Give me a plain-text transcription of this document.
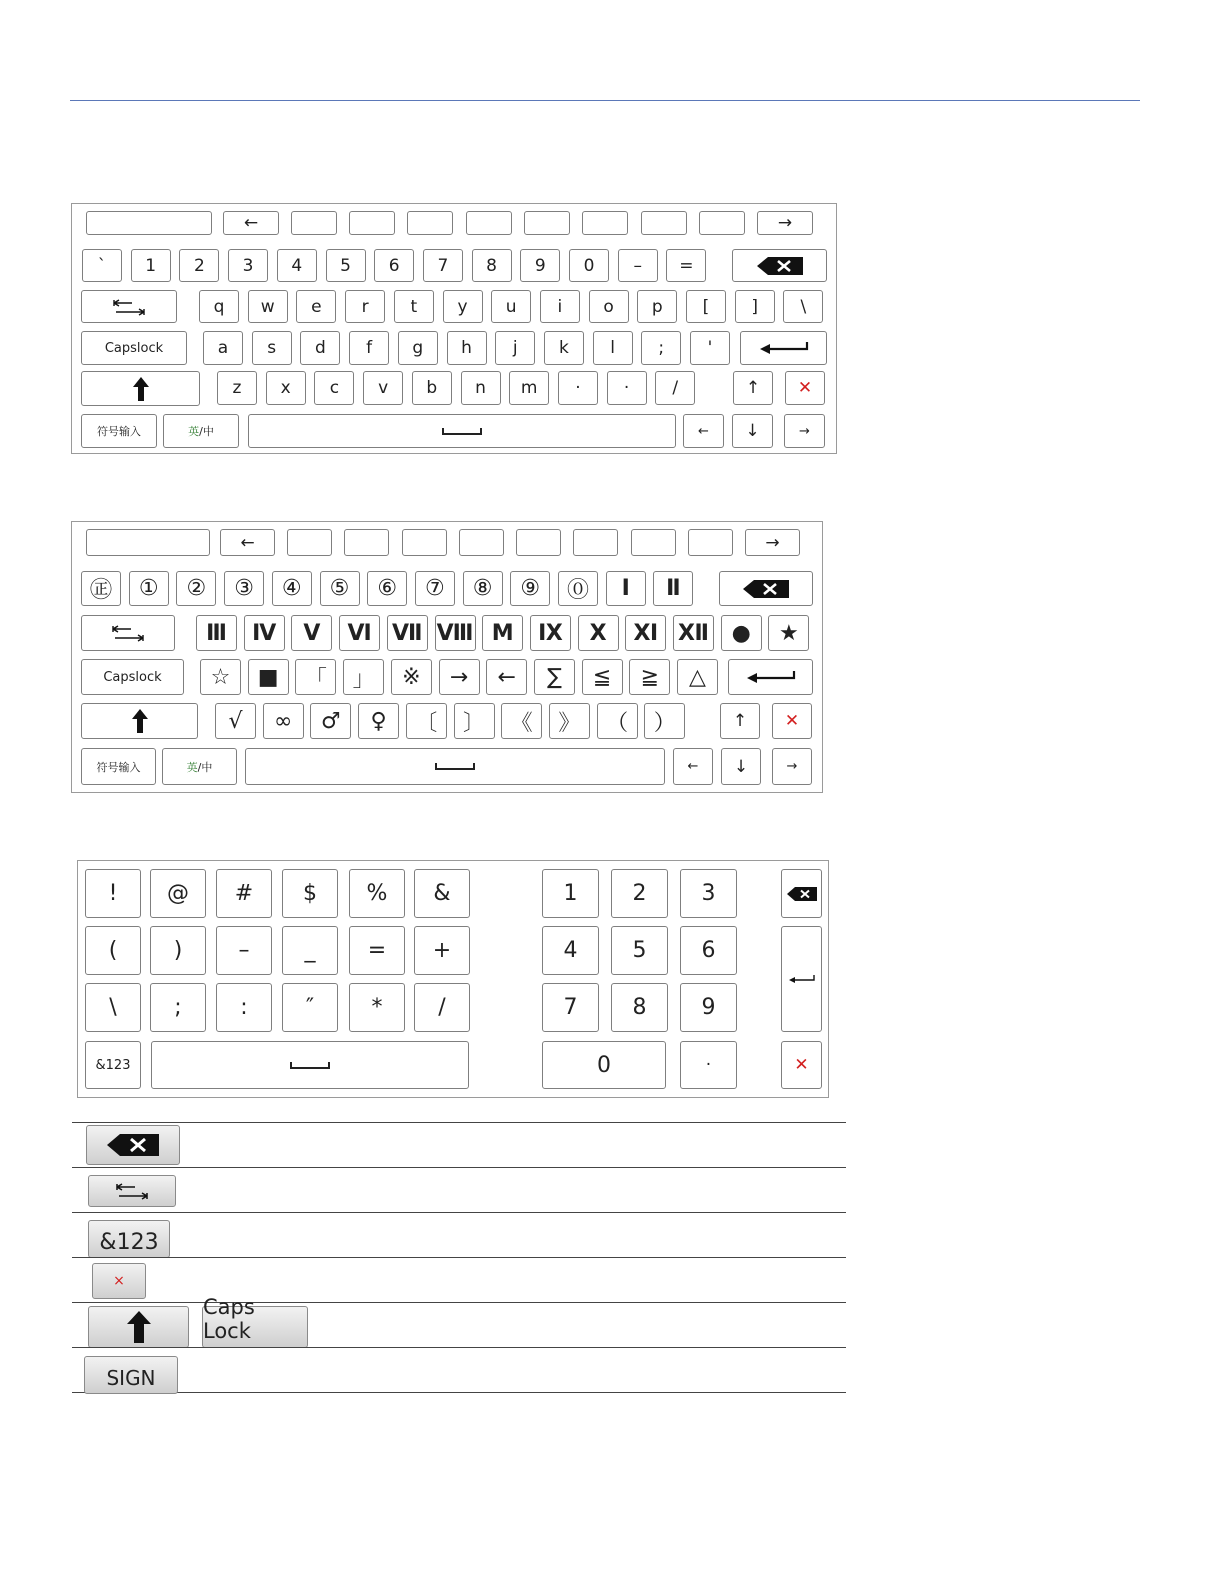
←	→
` 1 2 3 4 5 6 7 8 9 0 – =
q w e r t y u i o p [ ]	\
Capslock	a s d f g h j k l	;	'
z x c v b n m ·	·	/	↑ ✕
符号输入	英 /中	← ↓	→
←	→
㊣ ① ② ③ ④ ⑤ ⑥ ⑦ ⑧ ⑨ ⓪ Ⅰ Ⅱ
Ⅲ Ⅳ Ⅴ Ⅵ Ⅶ Ⅷ Ⅿ Ⅸ Ⅹ Ⅺ Ⅻ ● ★
Capslock ☆ ■ 「 」 ※ → ← ∑ ≦ ≧ △
√ ∞ ♂ ♀ 〔 〕 《 》 （ ）	↑ ✕
符号输入	英 /中	← ↓	→
! @ # $ % &
(	)	–	_ = +
\	;	:	″	*	/
&123
1	2	3
4	5	6
7	8	9
0	·	✕
&123
×
Caps Lock
SIGN
